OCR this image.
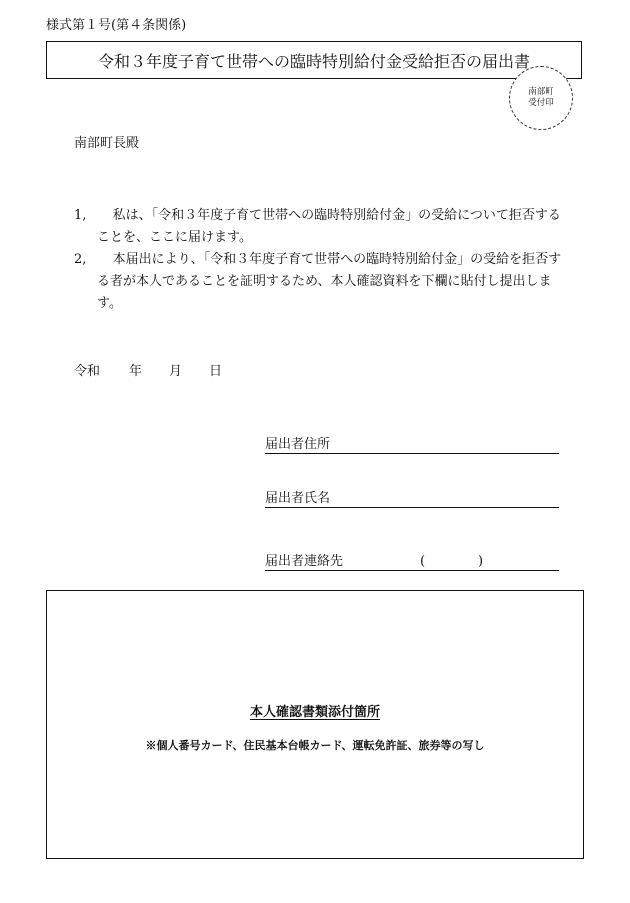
様式第１号(第４条関係)
令和３年度子育て世帯への臨時特別給付金受給拒否の届出書
南部町
受付印
南部町長殿
1,	私は、「令和３年度子育て世帯への臨時特別給付金」の受給について拒否することを、ここに届けます。
2,	本届出により、「令和３年度子育て世帯への臨時特別給付金」の受給を拒否する者が本人であることを証明するため、本人確認資料を下欄に貼付し提出します。
令和	年	月	日
届出者住所
届出者氏名
届出者連絡先	(	)
本人確認書類添付箇所
※個人番号カード、住民基本台帳カード、運転免許証、旅券等の写し
